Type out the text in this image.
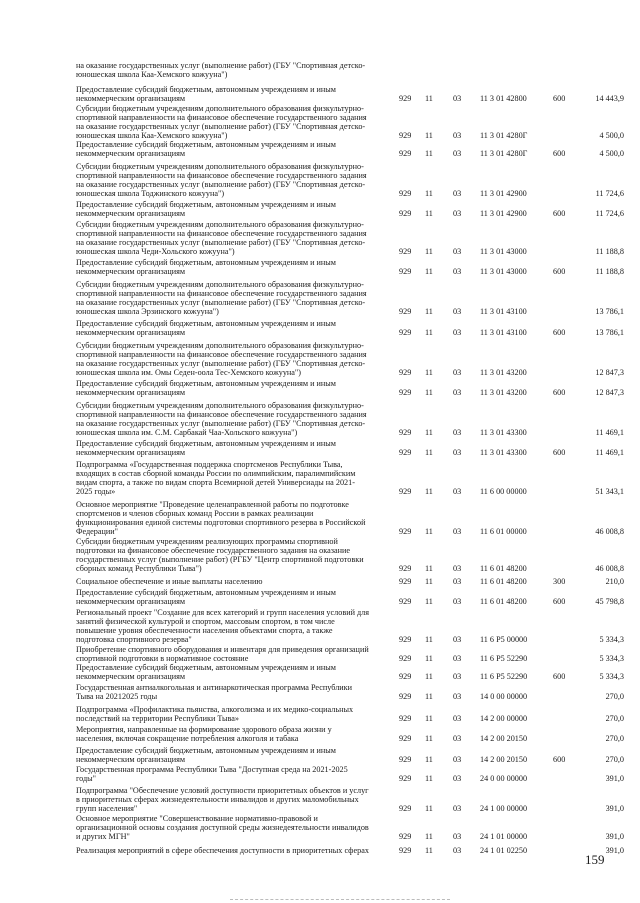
на оказание государственных услуг (выполнение работ) (ГБУ "Спортивная детско-
юношеская школа Каа-Хемского кожууна")
Предоставление субсидий бюджетным, автономным учреждениям и иным
некоммерческим организациям	929 11 03 11 3 01 42800	600	14 443,9
Субсидии бюджетным учреждениям дополнительного образования физкультурно-
спортивной направленности на финансовое обеспечение государственного задания
на оказание государственных услуг (выполнение работ) (ГБУ "Спортивная детско-
юношеская школа Каа-Хемского кожууна")	929 11 03 11 3 01 4280Г	4 500,0
Предоставление субсидий бюджетным, автономным учреждениям и иным
некоммерческим организациям	929 11 03 11 3 01 4280Г	600	4 500,0
Субсидии бюджетным учреждениям дополнительного образования физкультурно-
спортивной направленности на финансовое обеспечение государственного задания
на оказание государственных услуг (выполнение работ) (ГБУ "Спортивная детско-
юношеская школа Тоджинского кожууна")	929 11 03 11 3 01 42900	11 724,6
Предоставление субсидий бюджетным, автономным учреждениям и иным
некоммерческим организациям	929 11 03 11 3 01 42900	600	11 724,6
Субсидии бюджетным учреждениям дополнительного образования физкультурно-
спортивной направленности на финансовое обеспечение государственного задания
на оказание государственных услуг (выполнение работ) (ГБУ "Спортивная детско-
юношеская школа Чеди-Хольского кожууна")	929 11 03 11 3 01 43000	11 188,8
Предоставление субсидий бюджетным, автономным учреждениям и иным
некоммерческим организациям	929 11 03 11 3 01 43000	600	11 188,8
Субсидии бюджетным учреждениям дополнительного образования физкультурно-
спортивной направленности на финансовое обеспечение государственного задания
на оказание государственных услуг (выполнение работ) (ГБУ "Спортивная детско-
юношеская школа Эрзинского кожууна")	929 11 03 11 3 01 43100	13 786,1
Предоставление субсидий бюджетным, автономным учреждениям и иным
некоммерческим организациям	929 11 03 11 3 01 43100	600	13 786,1
Субсидии бюджетным учреждениям дополнительного образования физкультурно-
спортивной направленности на финансовое обеспечение государственного задания
на оказание государственных услуг (выполнение работ) (ГБУ "Спортивная детско-
юношеская школа им. Омы Седен-оола Тес-Хемского кожууна")	929 11 03 11 3 01 43200	12 847,3
Предоставление субсидий бюджетным, автономным учреждениям и иным
некоммерческим организациям	929 11 03 11 3 01 43200	600	12 847,3
Субсидии бюджетным учреждениям дополнительного образования физкультурно-
спортивной направленности на финансовое обеспечение государственного задания
на оказание государственных услуг (выполнение работ) (ГБУ "Спортивная детско-
юношеская школа им. С.М. Сарбакай Чаа-Хольского кожууна")	929 11 03 11 3 01 43300	11 469,1
Предоставление субсидий бюджетным, автономным учреждениям и иным
некоммерческим организациям	929 11 03 11 3 01 43300	600	11 469,1
Подпрограмма «Государственная поддержка спортсменов Республики Тыва,
входящих в состав сборной команды России по олимпийским, паралимпийским
видам спорта, а также по видам спорта Всемирной детей Универсиады на 2021-
2025 годы»	929 11 03 11 6 00 00000	51 343,1
Основное мероприятие "Проведение целенаправленной работы по подготовке
спортсменов и членов сборных команд России в рамках реализации
функционирования единой системы подготовки спортивного резерва в Российской
Федерации"	929 11 03 11 6 01 00000	46 008,8
Субсидии бюджетным учреждениям реализующих программы спортивной
подготовки на финансовое обеспечение государственного задания на оказание
государственных услуг (выполнение работ) (РГБУ "Центр спортивной подготовки
сборных команд Республики Тыва")	929 11 03 11 6 01 48200	46 008,8
Социальное обеспечение и иные выплаты населению	929 11 03 11 6 01 48200	300	210,0
Предоставление субсидий бюджетным, автономным учреждениям и иным
некоммерческим организациям	929 11 03 11 6 01 48200	600	45 798,8
Региональный проект "Создание для всех категорий и групп населения условий для
занятий физической культурой и спортом, массовым спортом, в том числе
повышение уровня обеспеченности населения объектами спорта, а также
подготовка спортивного резерва"	929 11 03 11 6 P5 00000	5 334,3
Приобретение спортивного оборудования и инвентаря для приведения организаций
спортивной подготовки в нормативное состояние	929 11 03 11 6 P5 52290	5 334,3
Предоставление субсидий бюджетным, автономным учреждениям и иным
некоммерческим организациям	929 11 03 11 6 P5 52290	600	5 334,3
Государственная антиалкогольная и антинаркотическая программа Республики
Тыва на 20212025 годы	929 11 03 14 0 00 00000	270,0
Подпрограмма «Профилактика пьянства, алкоголизма и их медико-социальных
последствий на территории Республики Тыва»	929 11 03 14 2 00 00000	270,0
Мероприятия, направленные на формирование здорового образа жизни у
населения, включая сокращение потребления алкоголя и табака	929 11 03 14 2 00 20150	270,0
Предоставление субсидий бюджетным, автономным учреждениям и иным
некоммерческим организациям	929 11 03 14 2 00 20150	600	270,0
Государственная программа Республики Тыва "Доступная среда на 2021-2025
годы"	929 11 03 24 0 00 00000	391,0
Подпрограмма "Обеспечение условий доступности приоритетных объектов и услуг
в приоритетных сферах жизнедеятельности инвалидов и других маломобильных
групп населения"	929 11 03 24 1 00 00000	391,0
Основное мероприятие "Совершенствование нормативно-правовой и
организационной основы создания доступной среды жизнедеятельности инвалидов
и других МГН"	929 11 03 24 1 01 00000	391,0
Реализация мероприятий в сфере обеспечения доступности в приоритетных сферах	929 11 03 24 1 01 02250	391,0
159
